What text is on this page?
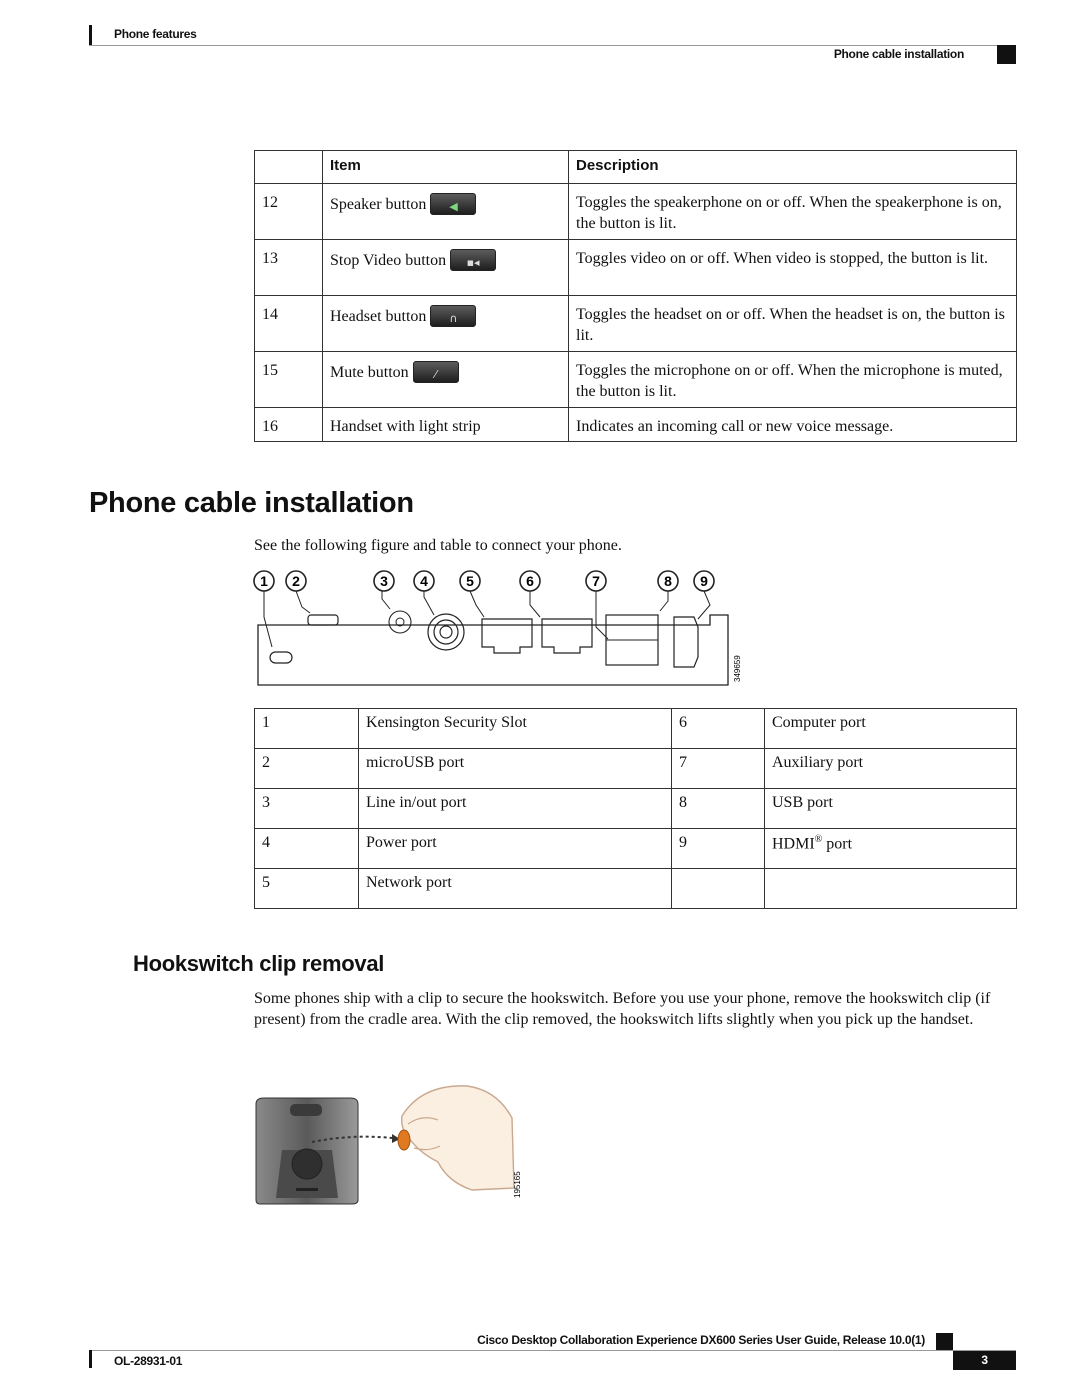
Phone features
Phone cable installation
	Item	Description
12	Speaker button ◀	Toggles the speakerphone on or off. When the speakerphone is on, the button is lit.
13	Stop Video button ▪◂	Toggles video on or off. When video is stopped, the button is lit.
14	Headset button ∩	Toggles the headset on or off. When the headset is on, the button is lit.
15	Mute button ⁄	Toggles the microphone on or off. When the microphone is muted, the button is lit.
16	Handset with light strip	Indicates an incoming call or new voice message.
Phone cable installation
See the following figure and table to connect your phone.
1 2	3 4	5	6	7	8 9
349659
1	Kensington Security Slot	6	Computer port
2	microUSB port	7	Auxiliary port
3	Line in/out port	8	USB port
4	Power port	9	HDMI® port
5	Network port		
Hookswitch clip removal
Some phones ship with a clip to secure the hookswitch. Before you use your phone, remove the hookswitch clip (if present) from the cradle area. With the clip removed, the hookswitch lifts slightly when you pick up the handset.
195165
Cisco Desktop Collaboration Experience DX600 Series User Guide, Release 10.0(1)
OL-28931-01	3
